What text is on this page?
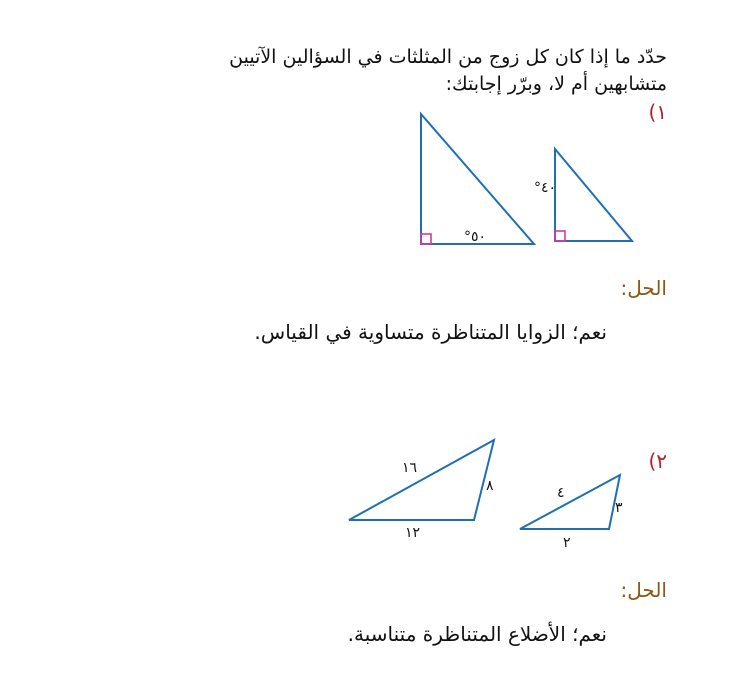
حدّد ما إذا كان كل زوج من المثلثات في السؤالين الآتيين
متشابهين أم لا، وبرّر إجابتك:
١)
٥٠°
٤٠°
١٦
٨
١٢
٤
٣
٢
الحل:
نعم؛ الزوايا المتناظرة متساوية في القياس.
٢)
الحل:
نعم؛ الأضلاع المتناظرة متناسبة.
